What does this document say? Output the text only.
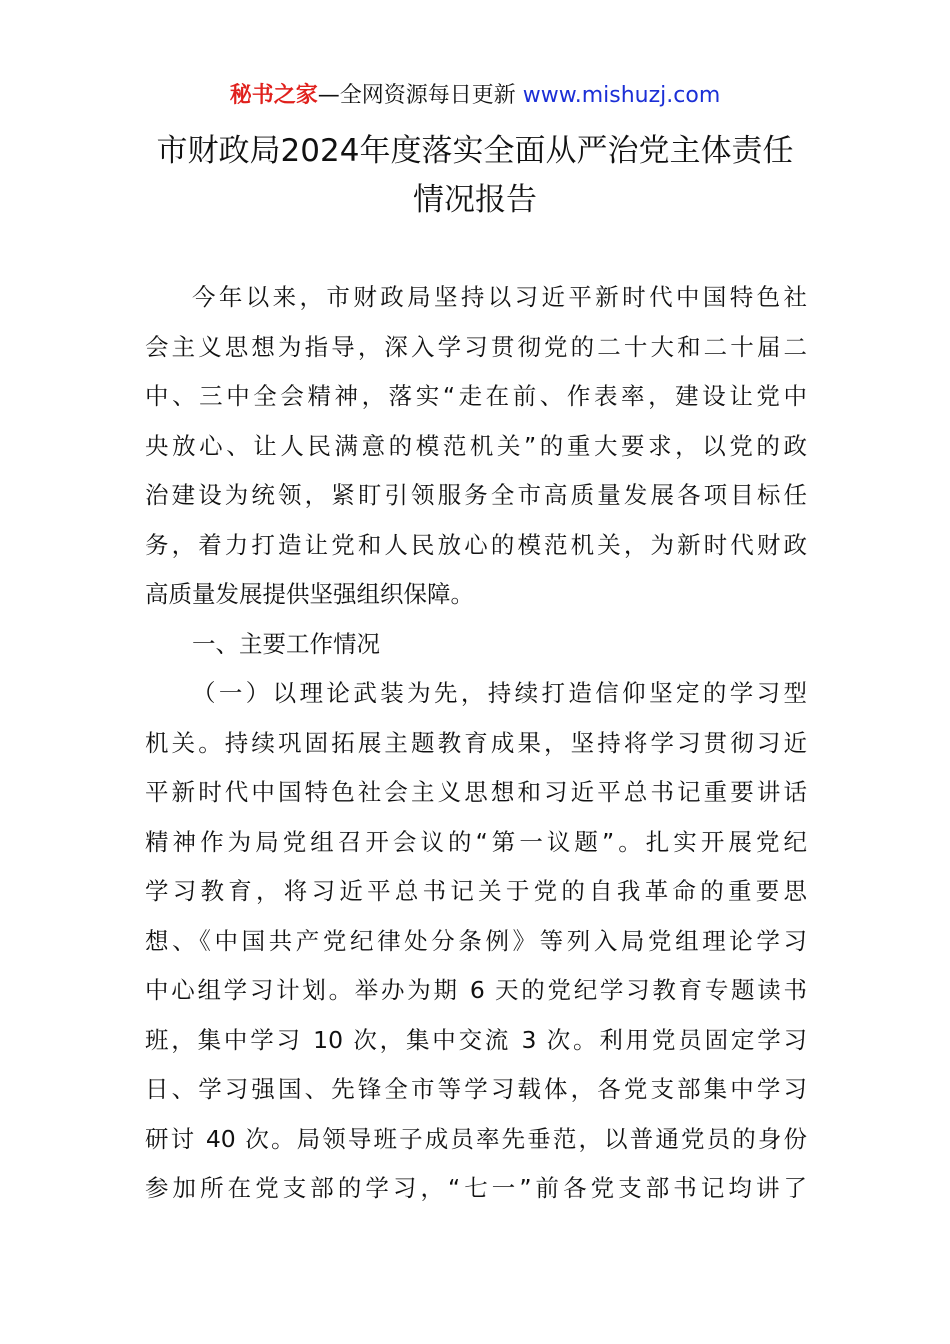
秘书之家—全网资源每日更新 www.mishuzj.com
市财政局2024年度落实全面从严治党主体责任
情况报告
今年以来，市财政局坚持以习近平新时代中国特色社
会主义思想为指导，深入学习贯彻党的二十大和二十届二
中、三中全会精神，落实“走在前、作表率，建设让党中
央放心、让人民满意的模范机关”的重大要求，以党的政
治建设为统领，紧盯引领服务全市高质量发展各项目标任
务，着力打造让党和人民放心的模范机关，为新时代财政
高质量发展提供坚强组织保障。
一、主要工作情况
（一）以理论武装为先，持续打造信仰坚定的学习型
机关。持续巩固拓展主题教育成果，坚持将学习贯彻习近
平新时代中国特色社会主义思想和习近平总书记重要讲话
精神作为局党组召开会议的“第一议题”。扎实开展党纪
学习教育，将习近平总书记关于党的自我革命的重要思
想、《中国共产党纪律处分条例》等列入局党组理论学习
中心组学习计划。举办为期 6 天的党纪学习教育专题读书
班，集中学习 10 次，集中交流 3 次。利用党员固定学习
日、学习强国、先锋全市等学习载体，各党支部集中学习
研讨 40 次。局领导班子成员率先垂范，以普通党员的身份
参加所在党支部的学习，“七一”前各党支部书记均讲了
